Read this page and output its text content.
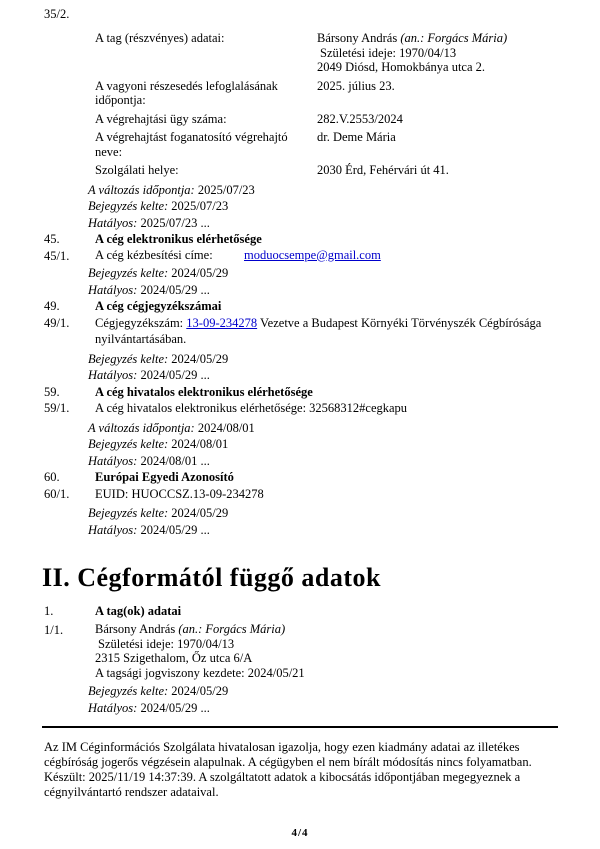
35/2.
A tag (részvényes) adatai:	Bársony András (an.: Forgács Mária)
Születési ideje: 1970/04/13
2049 Diósd, Homokbánya utca 2.
A vagyoni részesedés lefoglalásának
időpontja:
2025. július 23.
A végrehajtási ügy száma:	282.V.2553/2024
A végrehajtást foganatosító végrehajtó neve:
dr. Deme Mária
Szolgálati helye:	2030 Érd, Fehérvári út 41.
A változás időpontja: 2025/07/23
Bejegyzés kelte: 2025/07/23
Hatályos: 2025/07/23 ...
45.	A cég elektronikus elérhetősége
45/1.	A cég kézbesítési címe:	moduocsempe@gmail.com
Bejegyzés kelte: 2024/05/29
Hatályos: 2024/05/29 ...
49.	A cég cégjegyzékszámai
49/1.	Cégjegyzékszám: 13-09-234278 Vezetve a Budapest Környéki Törvényszék Cégbírósága nyilvántartásában.
Bejegyzés kelte: 2024/05/29
Hatályos: 2024/05/29 ...
59.	A cég hivatalos elektronikus elérhetősége
59/1.	A cég hivatalos elektronikus elérhetősége: 32568312#cegkapu
A változás időpontja: 2024/08/01
Bejegyzés kelte: 2024/08/01
Hatályos: 2024/08/01 ...
60.	Európai Egyedi Azonosító
60/1.	EUID: HUOCCSZ.13-09-234278
Bejegyzés kelte: 2024/05/29
Hatályos: 2024/05/29 ...
II. Cégformától függő adatok
1.	A tag(ok) adatai
1/1.	Bársony András (an.: Forgács Mária)
Születési ideje: 1970/04/13
2315 Szigethalom, Őz utca 6/A
A tagsági jogviszony kezdete: 2024/05/21
Bejegyzés kelte: 2024/05/29
Hatályos: 2024/05/29 ...
Az IM Céginformációs Szolgálata hivatalosan igazolja, hogy ezen kiadmány adatai az illetékes cégbíróság jogerős végzésein alapulnak. A cégügyben el nem bírált módosítás nincs folyamatban.
Készült: 2025/11/19 14:37:39. A szolgáltatott adatok a kibocsátás időpontjában megegyeznek a cégnyilvántartó rendszer adataival.
4/4
